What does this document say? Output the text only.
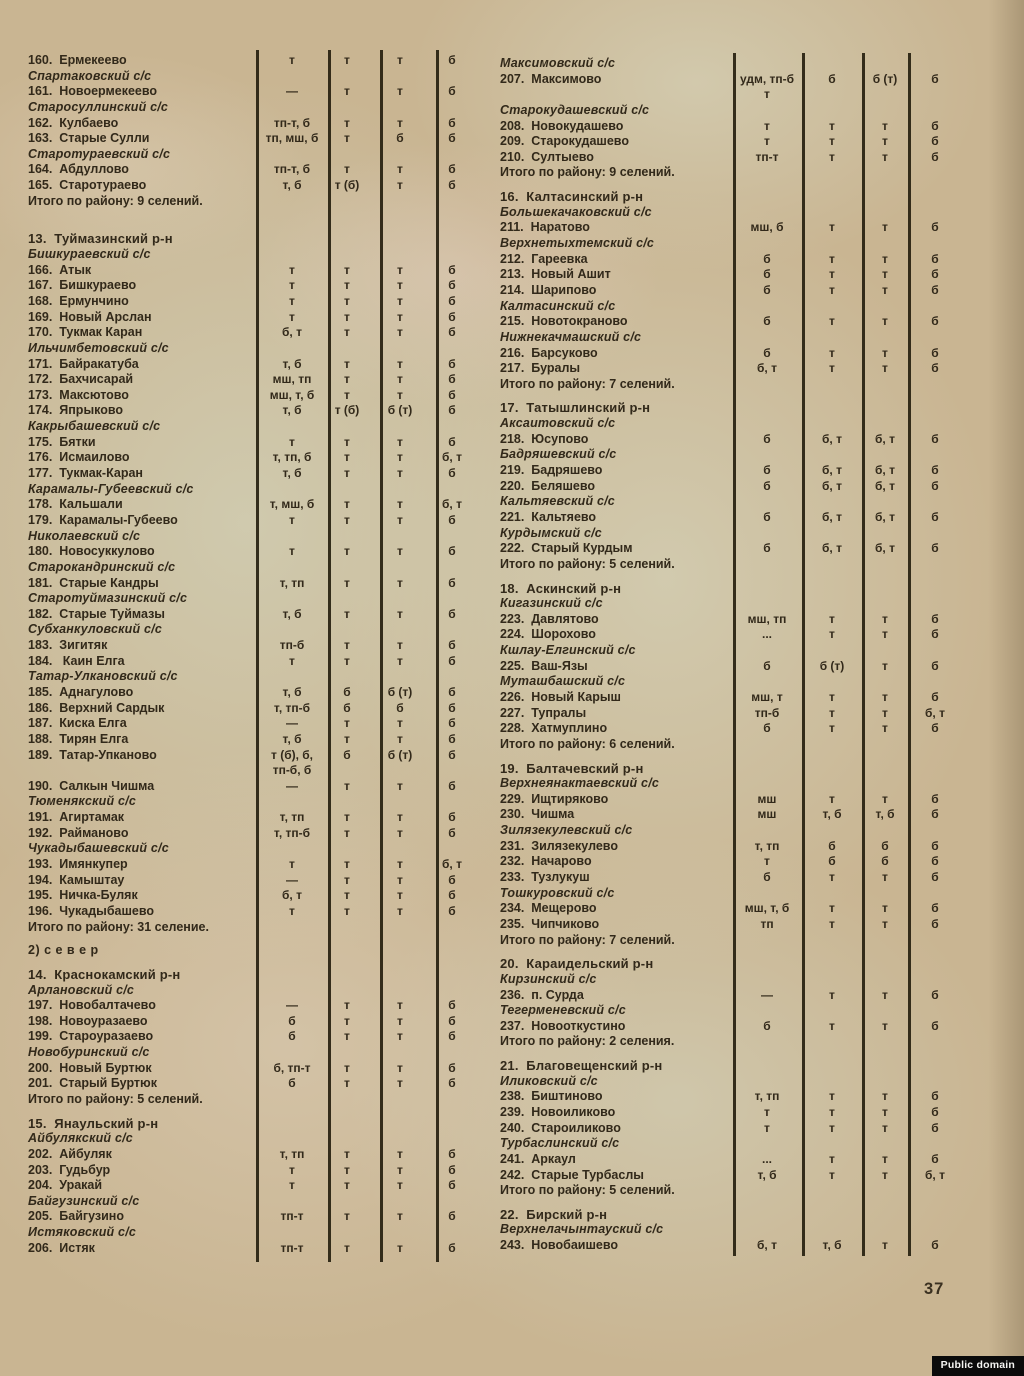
160.  Ермекеево	т	т	т	б
Спартаковский с/с
161.  Новоермекеево	—	т	т	б
Старосуллинский с/с
162.  Кулбаево	тп-т, б	т	т	б
163.  Старые Сулли	тп, мш, б	т	б	б
Старотураевский с/с
164.  Абдуллово	тп-т, б	т	т	б
165.  Старотураево	т, б	т (б)	т	б
Итого по району: 9 селений.
13.  Туймазинский р-н
Бишкураевский с/с
166.  Атык	т	т	т	б
167.  Бишкураево	т	т	т	б
168.  Ермунчино	т	т	т	б
169.  Новый Арслан	т	т	т	б
170.  Тукмак Каран	б, т	т	т	б
Ильчимбетовский с/с
171.  Байракатуба	т, б	т	т	б
172.  Бахчисарай	мш, тп	т	т	б
173.  Максютово	мш, т, б	т	т	б
174.  Япрыково	т, б	т (б)	б (т)	б
Какрыбашевский с/с
175.  Бятки	т	т	т	б
176.  Исмаилово	т, тп, б	т	т	б, т
177.  Тукмак-Каран	т, б	т	т	б
Карамалы-Губеевский с/с
178.  Кальшали	т, мш, б	т	т	б, т
179.  Карамалы-Губеево	т	т	т	б
Николаевский с/с
180.  Новосуккулово	т	т	т	б
Старокандринский с/с
181.  Старые Кандры	т, тп	т	т	б
Старотуймазинский с/с
182.  Старые Туймазы	т, б	т	т	б
Субханкуловский с/с
183.  Зигитяк	тп-б	т	т	б
184.   Каин Елга	т	т	т	б
Татар-Улкановский с/с
185.  Аднагулово	т, б	б	б (т)	б
186.  Верхний Сардык	т, тп-б	б	б	б
187.  Киска Елга	—	т	т	б
188.  Тирян Елга	т, б	т	т	б
189.  Татар-Упканово	т (б), б,	б	б (т)	б
тп-б, б
190.  Салкын Чишма	—	т	т	б
Тюменякский с/с
191.  Агиртамак	т, тп	т	т	б
192.  Райманово	т, тп-б	т	т	б
Чукадыбашевский с/с
193.  Имянкупер	т	т	т	б, т
194.  Камыштау	—	т	т	б
195.  Ничка-Буляк	б, т	т	т	б
196.  Чукадыбашево	т	т	т	б
Итого по району: 31 селение.
2) с е в е р
14.  Краснокамский р-н
Арлановский с/с
197.  Новобалтачево	—	т	т	б
198.  Новоуразаево	б	т	т	б
199.  Староуразаево	б	т	т	б
Новобуринский с/с
200.  Новый Буртюк	б, тп-т	т	т	б
201.  Старый Буртюк	б	т	т	б
Итого по району: 5 селений.
15.  Янаульский р-н
Айбулякский с/с
202.  Айбуляк	т, тп	т	т	б
203.  Гудьбур	т	т	т	б
204.  Уракай	т	т	т	б
Байгузинский с/с
205.  Байгузино	тп-т	т	т	б
Истяковский с/с
206.  Истяк	тп-т	т	т	б
Максимовский с/с
207.  Максимово	удм, тп-б	б	б (т)	б
т
Старокудашевский с/с
208.  Новокудашево	т	т	т	б
209.  Старокудашево	т	т	т	б
210.  Султыево	тп-т	т	т	б
Итого по району: 9 селений.
16.  Калтасинский р-н
Большекачаковский с/с
211.  Наратово	мш, б	т	т	б
Верхнетыхтемский с/с
212.  Гареевка	б	т	т	б
213.  Новый Ашит	б	т	т	б
214.  Шарипово	б	т	т	б
Калтасинский с/с
215.  Новотокраново	б	т	т	б
Нижнекачмашский с/с
216.  Барсуково	б	т	т	б
217.  Буралы	б, т	т	т	б
Итого по району: 7 селений.
17.  Татышлинский р-н
Аксаитовский с/с
218.  Юсупово	б	б, т	б, т	б
Бадряшевский с/с
219.  Бадряшево	б	б, т	б, т	б
220.  Беляшево	б	б, т	б, т	б
Кальтяевский с/с
221.  Кальтяево	б	б, т	б, т	б
Курдымский с/с
222.  Старый Курдым	б	б, т	б, т	б
Итого по району: 5 селений.
18.  Аскинский р-н
Кигазинский с/с
223.  Давлятово	мш, тп	т	т	б
224.  Шорохово	...	т	т	б
Кшлау-Елгинский с/с
225.  Ваш-Язы	б	б (т)	т	б
Муташбашский с/с
226.  Новый Карыш	мш, т	т	т	б
227.  Тупралы	тп-б	т	т	б, т
228.  Хатмуплино	б	т	т	б
Итого по району: 6 селений.
19.  Балтачевский р-н
Верхнеянактаевский с/с
229.  Ищтиряково	мш	т	т	б
230.  Чишма	мш	т, б	т, б	б
Зилязекулевский с/с
231.  Зилязекулево	т, тп	б	б	б
232.  Начарово	т	б	б	б
233.  Тузлукуш	б	т	т	б
Тошкуровский с/с
234.  Мещерово	мш, т, б	т	т	б
235.  Чипчиково	тп	т	т	б
Итого по району: 7 селений.
20.  Караидельский р-н
Кирзинский с/с
236.  п. Сурда	—	т	т	б
Тегерменевский с/с
237.  Новооткустино	б	т	т	б
Итого по району: 2 селения.
21.  Благовещенский р-н
Иликовский с/с
238.  Биштиново	т, тп	т	т	б
239.  Новоиликово	т	т	т	б
240.  Староиликово	т	т	т	б
Турбаслинский с/с
241.  Аркаул	...	т	т	б
242.  Старые Турбаслы	т, б	т	т	б, т
Итого по району: 5 селений.
22.  Бирский р-н
Верхнелачынтауский с/с
243.  Новобаишево	б, т	т, б	т	б
37
Public domain
